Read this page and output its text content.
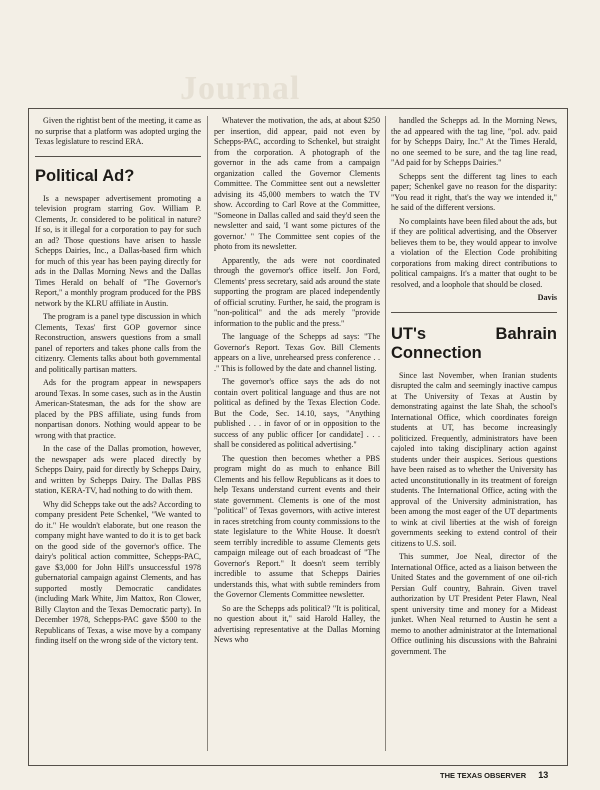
Journal

Given the rightist bent of the meeting, it came as no surprise that a platform was adopted urging the Texas legislature to rescind ERA.

Political Ad?

Is a newspaper advertisement promoting a television program starring Gov. William P. Clements, Jr. considered to be political in nature? If so, is it illegal for a corporation to pay for such an ad? Those questions have arisen to hassle Schepps Dairies, Inc., a Dallas-based firm which for much of this year has been paying directly for ads in the Dallas Morning News and the Dallas Times Herald on behalf of "The Governor's Report," a monthly program produced for the PBS network by the KLRU affiliate in Austin.

The program is a panel type discussion in which Clements, Texas' first GOP governor since Reconstruction, answers questions from a small panel of reporters and takes phone calls from the citizenry. Clements talks about both governmental and politically partisan matters.

Ads for the program appear in newspapers around Texas. In some cases, such as in the Austin American-Statesman, the ads for the show are placed by the PBS affiliate, using funds from nonpartisan donors. Nothing would appear to be wrong with that practice.

In the case of the Dallas promotion, however, the newspaper ads were placed directly by Schepps Dairy, paid for directly by Schepps Dairy, and written by Schepps Dairy. The Dallas PBS station, KERA-TV, had nothing to do with them.

Why did Schepps take out the ads? According to company president Pete Schenkel, "We wanted to do it." He wouldn't elaborate, but one reason the company might have wanted to do it is to get back on the good side of the governor's office. The dairy's political action committee, Schepps-PAC, gave $3,000 for John Hill's unsuccessful 1978 gubernatorial campaign against Clements, and has supported mostly Democratic candidates (including Mark White, Jim Mattox, Ron Clower, Billy Clayton and the Texas Democratic party). In December 1978, Schepps-PAC gave $500 to the Republicans of Texas, a wise move by a company finding itself on the wrong side of the victory tent.

Whatever the motivation, the ads, at about $250 per insertion, did appear, paid not even by Schepps-PAC, according to Schenkel, but straight from the corporation. A photograph of the governor in the ads came from a campaign organization called the Governor Clements Committee. The Committee sent out a newsletter advising its 45,000 members to watch the TV show. According to Carl Rove at the Committee, "Someone in Dallas called and said they'd seen the newsletter and said, 'I want some pictures of the governor.' " The Committee sent copies of the photo from its newsletter.

Apparently, the ads were not coordinated through the governor's office itself. Jon Ford, Clements' press secretary, said ads around the state supporting the program are placed independently of official scrutiny. Further, he said, the program is "non-political" and the ads merely "provide information to the public and the press."

The language of the Schepps ad says: "The Governor's Report. Texas Gov. Bill Clements appears on a live, unrehearsed press conference . . ." This is followed by the date and channel listing.

The governor's office says the ads do not contain overt political language and thus are not political as defined by the Texas Election Code. But the Code, Sec. 14.10, says, "Anything published . . . in favor of or in opposition to the success of any public officer [or candidate] . . . shall be considered as political advertising."

The question then becomes whether a PBS program might do as much to enhance Bill Clements and his fellow Republicans as it does to help Texans understand current events and their state government. Clements is one of the most "political" of Texas governors, with active interest in races stretching from county commissions to the state legislature to the White House. It doesn't seem terribly incredible to assume Clements gets campaign mileage out of each broadcast of "The Governor's Report." It doesn't seem terribly incredible to assume that Schepps Dairies understands this, what with subtle reminders from the Governor Clements Committee newsletter.

So are the Schepps ads political? "It is political, no question about it," said Harold Halley, the advertising representative at the Dallas Morning News who

handled the Schepps ad. In the Morning News, the ad appeared with the tag line, "pol. adv. paid for by Schepps Dairy, Inc." At the Times Herald, no one seemed to be sure, and the tag line read, "Ad paid for by Schepps Dairies."

Schepps sent the different tag lines to each paper; Schenkel gave no reason for the disparity: "You read it right, that's the way we intended it," he said of the different versions.

No complaints have been filed about the ads, but if they are political advertising, and the Observer believes them to be, they would appear to involve a violation of the Election Code prohibiting corporations from making direct contributions to political campaigns. It's a matter that ought to be resolved, and a loophole that should be closed.

Davis

UT's Bahrain Connection

Since last November, when Iranian students disrupted the calm and seemingly inactive campus at The University of Texas at Austin by demonstrating against the late Shah, the school's International Office, which coordinates foreign students at UT, has become increasingly politicized. Frequently, administrators have been cajoled into taking disciplinary action against students under their auspices. Serious questions have been raised as to whether the University has acted unconstitutionally in its treatment of foreign students. The International Office, acting with the approval of the University administration, has been among the most eager of the UT departments to wink at civil liberties at the wish of foreign governments seeking to extend control of their citizens to U.S. soil.

This summer, Joe Neal, director of the International Office, acted as a liaison between the United States and the government of one oil-rich Persian Gulf country, Bahrain. Given travel authorization by UT President Peter Flawn, Neal spent university time and money for a Mideast junket. When Neal returned to Austin he sent a memo to another administrator at the International Office outlining his discussions with the Bahraini government. The

THE TEXAS OBSERVER 13
